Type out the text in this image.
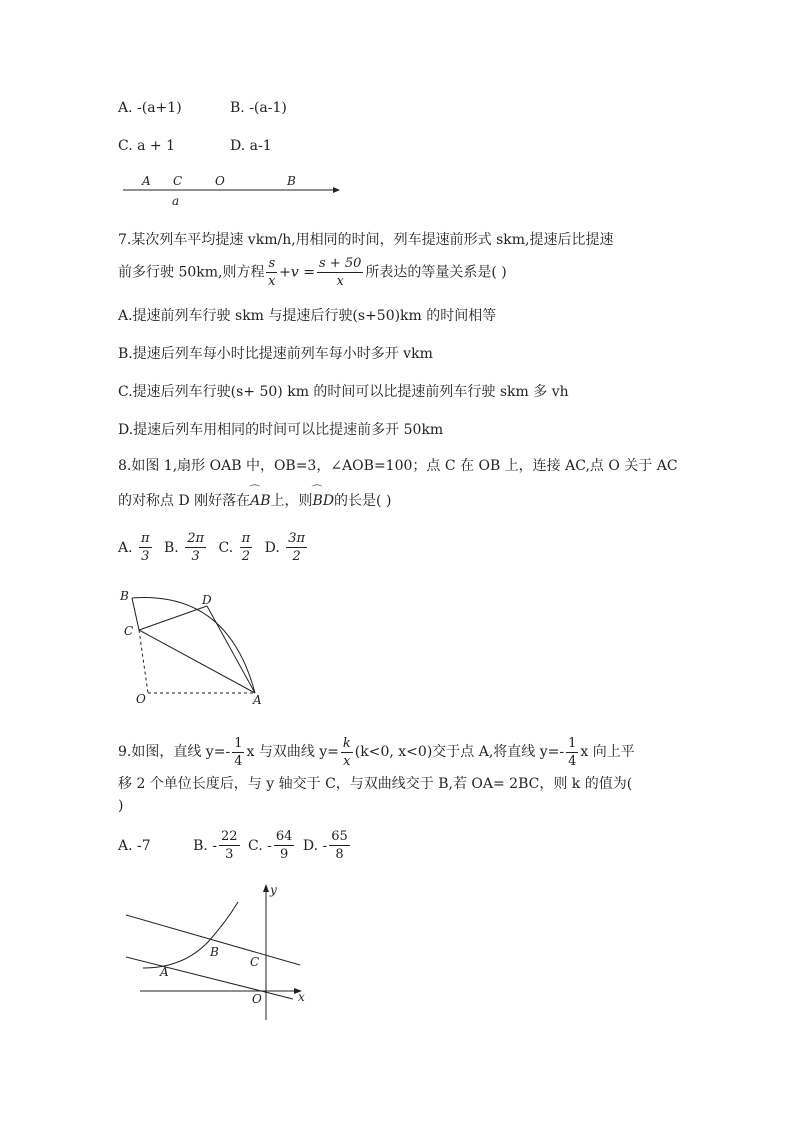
A. -(a+1)	B. -(a-1)
C. a + 1	D. a-1
A C	O	B
a
7.某次列车平均提速 vkm/h,用相同的时间，列车提速前形式 skm,提速后比提速
前多行驶 50km,则方程 $\frac{s}{x} +v = \frac{s + 50}{x}$ 所表达的等量关系是( )
A.提速前列车行驶 skm 与提速后行驶(s+50)km 的时间相等
B.提速后列车每小时比提速前列车每小时多开 vkm
C.提速后列车行驶(s+ 50) km 的时间可以比提速前列车行驶 skm 多 vh
D.提速后列车用相同的时间可以比提速前多开 50km
8.如图 1,扇形 OAB 中，OB=3，∠AOB=100；点 C 在 OB 上，连接 AC,点 O 关于 AC
的对称点 D 刚好落在⌒ AB上，则⌒ BD的长是( )
A. $\frac{\pi}{3} B$. $\frac{2\pi}{3} C$. $\frac{\pi}{2} D$. $\frac{3\pi}{2}$
B	D
C
O	A
9.如图，直线 $y=- \frac{1}{4}$ x 与双曲线 $y= \frac{k}{x} (k<0$, x<0)交于点 A,将直线 $y=- \frac{1}{4}$ x 向上平
移 2 个单位长度后，与 y 轴交于 C，与双曲线交于 B,若 OA= 2BC，则 k 的值为(
)
A. -7	B. - $\frac{22}{3} C$. - $\frac{64}{9} D$. - $\frac{65}{8}$
y
x
A
B
C
O
